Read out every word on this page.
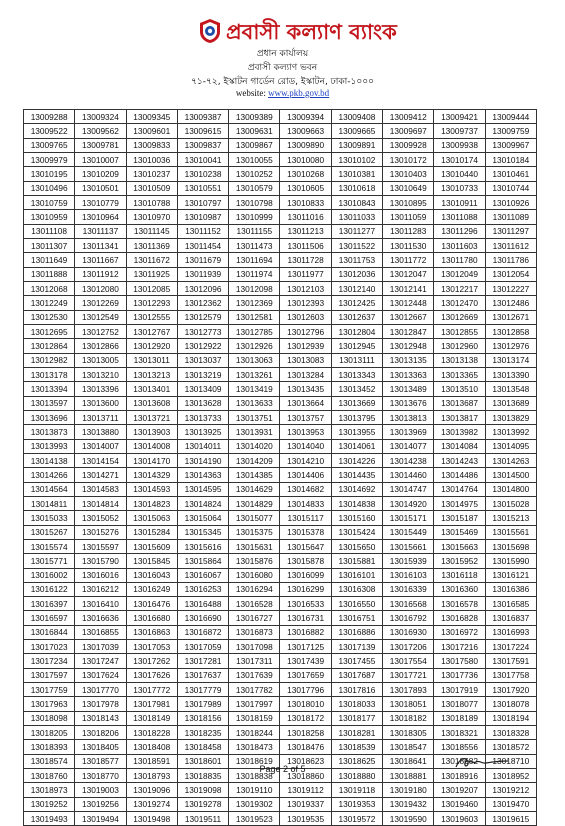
প্রবাসী কল্যাণ ব্যাংক
প্রধান কার্যালয়
প্রবাসী কল্যাণ ভবন
৭১-৭২, ইস্কাটন গার্ডেন রোড, ইস্কাটন, ঢাকা-১০০০
website: www.pkb.gov.bd
13009288	13009324	13009345	13009387	13009389	13009394	13009408	13009412	13009421	13009444
13009522	13009562	13009601	13009615	13009631	13009663	13009665	13009697	13009737	13009759
13009765	13009781	13009833	13009837	13009867	13009890	13009891	13009928	13009938	13009967
13009979	13010007	13010036	13010041	13010055	13010080	13010102	13010172	13010174	13010184
13010195	13010209	13010237	13010238	13010252	13010268	13010381	13010403	13010440	13010461
13010496	13010501	13010509	13010551	13010579	13010605	13010618	13010649	13010733	13010744
13010759	13010779	13010788	13010797	13010798	13010833	13010843	13010895	13010911	13010926
13010959	13010964	13010970	13010987	13010999	13011016	13011033	13011059	13011088	13011089
13011108	13011137	13011145	13011152	13011155	13011213	13011277	13011283	13011296	13011297
13011307	13011341	13011369	13011454	13011473	13011506	13011522	13011530	13011603	13011612
13011649	13011667	13011672	13011679	13011694	13011728	13011753	13011772	13011780	13011786
13011888	13011912	13011925	13011939	13011974	13011977	13012036	13012047	13012049	13012054
13012068	13012080	13012085	13012096	13012098	13012103	13012140	13012141	13012217	13012227
13012249	13012269	13012293	13012362	13012369	13012393	13012425	13012448	13012470	13012486
13012530	13012549	13012555	13012579	13012581	13012603	13012637	13012667	13012669	13012671
13012695	13012752	13012767	13012773	13012785	13012796	13012804	13012847	13012855	13012858
13012864	13012866	13012920	13012922	13012926	13012939	13012945	13012948	13012960	13012976
13012982	13013005	13013011	13013037	13013063	13013083	13013111	13013135	13013138	13013174
13013178	13013210	13013213	13013219	13013261	13013284	13013343	13013363	13013365	13013390
13013394	13013396	13013401	13013409	13013419	13013435	13013452	13013489	13013510	13013548
13013597	13013600	13013608	13013628	13013633	13013664	13013669	13013676	13013687	13013689
13013696	13013711	13013721	13013733	13013751	13013757	13013795	13013813	13013817	13013829
13013873	13013880	13013903	13013925	13013931	13013953	13013955	13013969	13013982	13013992
13013993	13014007	13014008	13014011	13014020	13014040	13014061	13014077	13014084	13014095
13014138	13014154	13014170	13014190	13014209	13014210	13014226	13014238	13014243	13014263
13014266	13014271	13014329	13014363	13014385	13014406	13014435	13014460	13014486	13014500
13014564	13014583	13014593	13014595	13014629	13014682	13014692	13014747	13014764	13014800
13014811	13014814	13014823	13014824	13014829	13014833	13014838	13014920	13014975	13015028
13015033	13015052	13015063	13015064	13015077	13015117	13015160	13015171	13015187	13015213
13015267	13015276	13015284	13015345	13015375	13015378	13015424	13015449	13015469	13015561
13015574	13015597	13015609	13015616	13015631	13015647	13015650	13015661	13015663	13015698
13015771	13015790	13015845	13015864	13015876	13015878	13015881	13015939	13015952	13015990
13016002	13016016	13016043	13016067	13016080	13016099	13016101	13016103	13016118	13016121
13016122	13016212	13016249	13016253	13016294	13016299	13016308	13016339	13016360	13016386
13016397	13016410	13016476	13016488	13016528	13016533	13016550	13016568	13016578	13016585
13016597	13016636	13016680	13016690	13016727	13016731	13016751	13016792	13016828	13016837
13016844	13016855	13016863	13016872	13016873	13016882	13016886	13016930	13016972	13016993
13017023	13017039	13017053	13017059	13017098	13017125	13017139	13017206	13017216	13017224
13017234	13017247	13017262	13017281	13017311	13017439	13017455	13017554	13017580	13017591
13017597	13017624	13017626	13017637	13017639	13017659	13017687	13017721	13017736	13017758
13017759	13017770	13017772	13017779	13017782	13017796	13017816	13017893	13017919	13017920
13017963	13017978	13017981	13017989	13017997	13018010	13018033	13018051	13018077	13018078
13018098	13018143	13018149	13018156	13018159	13018172	13018177	13018182	13018189	13018194
13018205	13018206	13018228	13018235	13018244	13018258	13018281	13018305	13018321	13018328
13018393	13018405	13018408	13018458	13018473	13018476	13018539	13018547	13018556	13018572
13018574	13018577	13018591	13018601	13018619	13018623	13018625	13018641	13018682	13018710
13018760	13018770	13018793	13018835	13018838	13018860	13018880	13018881	13018916	13018952
13018973	13019003	13019096	13019098	13019110	13019112	13019118	13019180	13019207	13019212
13019252	13019256	13019274	13019278	13019302	13019337	13019353	13019432	13019460	13019470
13019493	13019494	13019498	13019511	13019523	13019535	13019572	13019590	13019603	13019615
Page 2 of 5
